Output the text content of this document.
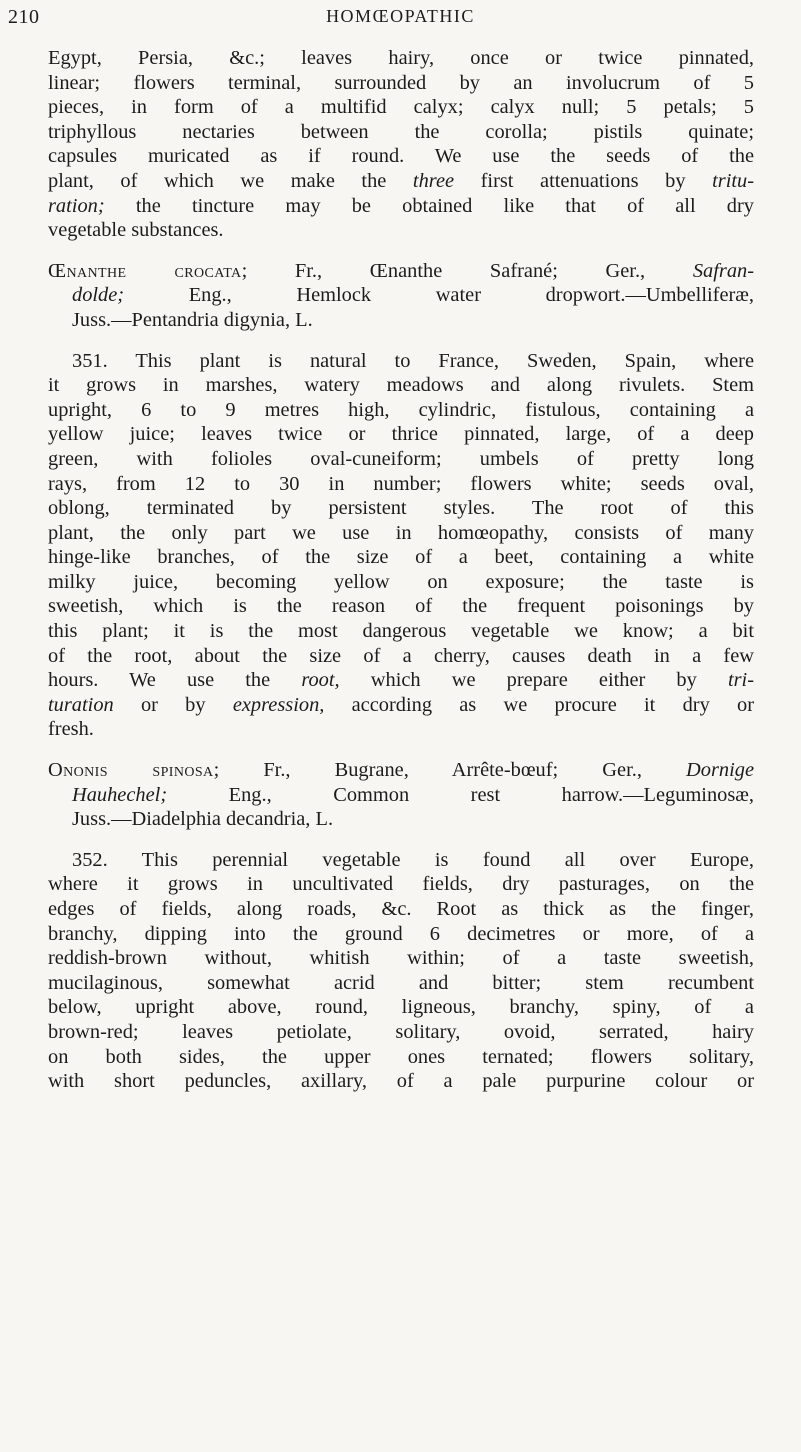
210	HOMŒOPATHIC
Egypt, Persia, &c.; leaves hairy, once or twice pinnated,
linear; flowers terminal, surrounded by an involucrum of 5
pieces, in form of a multifid calyx; calyx null; 5 petals; 5
triphyllous nectaries between the corolla; pistils quinate;
capsules muricated as if round. We use the seeds of the
plant, of which we make the three first attenuations by tritu-
ration; the tincture may be obtained like that of all dry
vegetable substances.
Œnanthe crocata; Fr., Œnanthe Safrané; Ger., Safran-
dolde; Eng., Hemlock water dropwort.—Umbelliferæ,
Juss.—Pentandria digynia, L.
351. This plant is natural to France, Sweden, Spain, where
it grows in marshes, watery meadows and along rivulets. Stem
upright, 6 to 9 metres high, cylindric, fistulous, containing a
yellow juice; leaves twice or thrice pinnated, large, of a deep
green, with folioles oval-cuneiform; umbels of pretty long
rays, from 12 to 30 in number; flowers white; seeds oval,
oblong, terminated by persistent styles. The root of this
plant, the only part we use in homœopathy, consists of many
hinge-like branches, of the size of a beet, containing a white
milky juice, becoming yellow on exposure; the taste is
sweetish, which is the reason of the frequent poisonings by
this plant; it is the most dangerous vegetable we know; a bit
of the root, about the size of a cherry, causes death in a few
hours. We use the root, which we prepare either by tri-
turation or by expression, according as we procure it dry or
fresh.
Ononis spinosa; Fr., Bugrane, Arrête-bœuf; Ger., Dornige
Hauhechel; Eng., Common rest harrow.—Leguminosæ,
Juss.—Diadelphia decandria, L.
352. This perennial vegetable is found all over Europe,
where it grows in uncultivated fields, dry pasturages, on the
edges of fields, along roads, &c. Root as thick as the finger,
branchy, dipping into the ground 6 decimetres or more, of a
reddish-brown without, whitish within; of a taste sweetish,
mucilaginous, somewhat acrid and bitter; stem recumbent
below, upright above, round, ligneous, branchy, spiny, of a
brown-red; leaves petiolate, solitary, ovoid, serrated, hairy
on both sides, the upper ones ternated; flowers solitary,
with short peduncles, axillary, of a pale purpurine colour or
